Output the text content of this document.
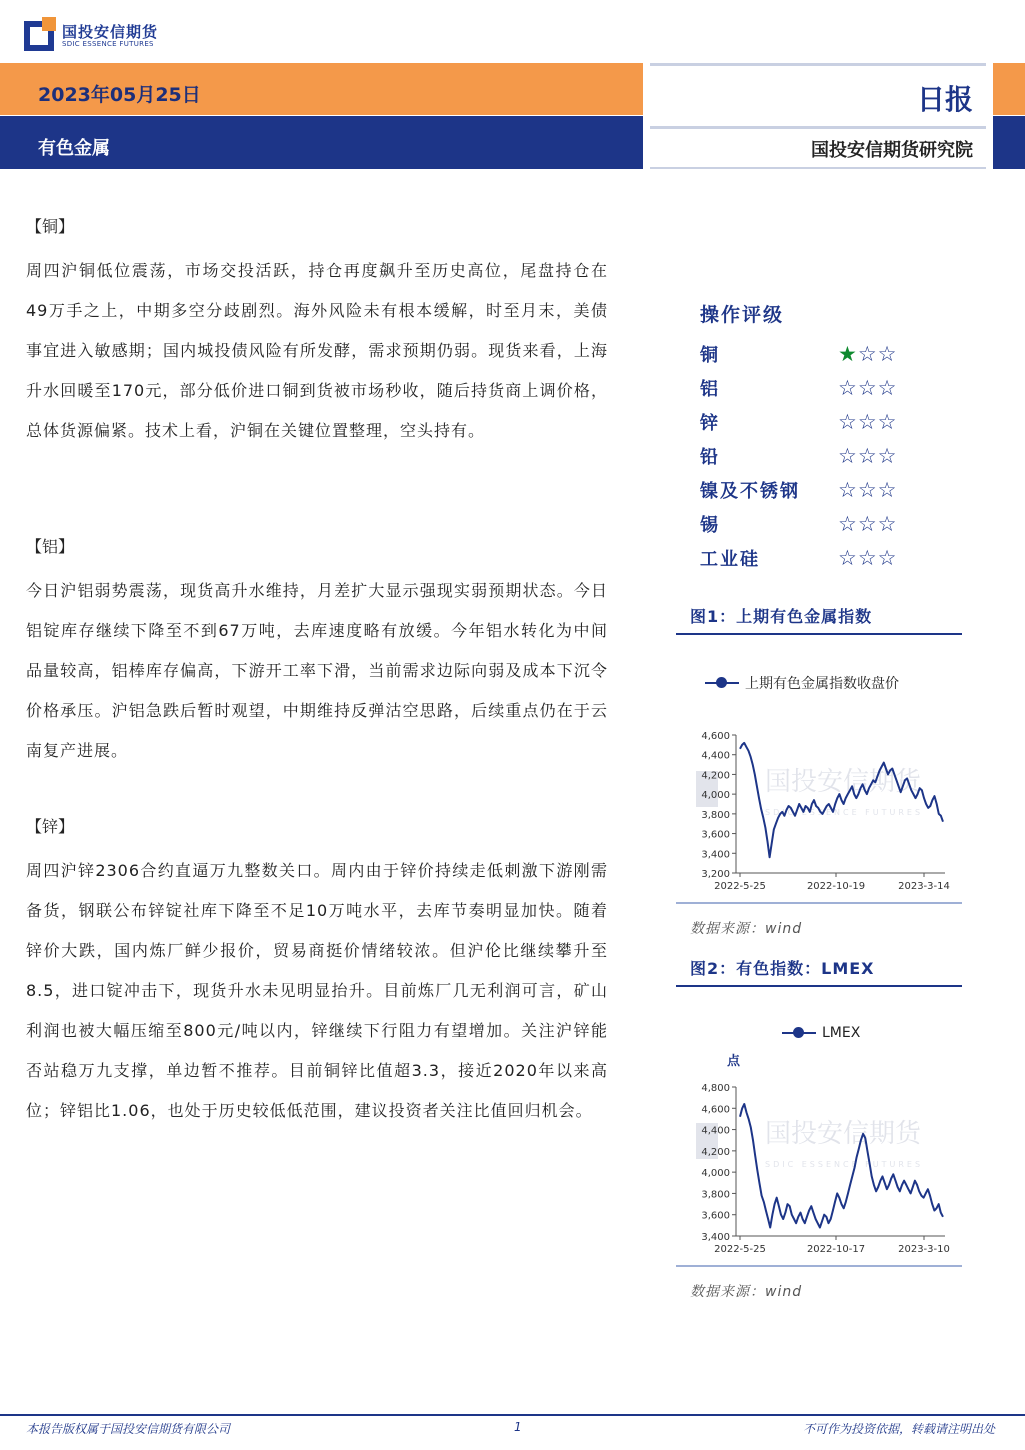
国投安信期货
SDIC ESSENCE FUTURES
2023年05月25日
有色金属
日报
国投安信期货研究院
【铜】
周四沪铜低位震荡，市场交投活跃，持仓再度飙升至历史高位，尾盘持仓在49万手之上，中期多空分歧剧烈。海外风险未有根本缓解，时至月末，美债事宜进入敏感期；国内城投债风险有所发酵，需求预期仍弱。现货来看，上海升水回暖至170元，部分低价进口铜到货被市场秒收，随后持货商上调价格，总体货源偏紧。技术上看，沪铜在关键位置整理，空头持有。
【铝】
今日沪铝弱势震荡，现货高升水维持，月差扩大显示强现实弱预期状态。今日铝锭库存继续下降至不到67万吨，去库速度略有放缓。今年铝水转化为中间品量较高，铝棒库存偏高，下游开工率下滑，当前需求边际向弱及成本下沉令价格承压。沪铝急跌后暂时观望，中期维持反弹沽空思路，后续重点仍在于云南复产进展。
【锌】
周四沪锌2306合约直逼万九整数关口。周内由于锌价持续走低刺激下游刚需备货，钢联公布锌锭社库下降至不足10万吨水平，去库节奏明显加快。随着锌价大跌，国内炼厂鲜少报价，贸易商挺价情绪较浓。但沪伦比继续攀升至8.5，进口锭冲击下，现货升水未见明显抬升。目前炼厂几无利润可言，矿山利润也被大幅压缩至800元/吨以内，锌继续下行阻力有望增加。关注沪锌能否站稳万九支撑，单边暂不推荐。目前铜锌比值超3.3，接近2020年以来高位；锌铝比1.06，也处于历史较低低范围，建议投资者关注比值回归机会。
操作评级
铜	★ ☆ ☆
铝	☆ ☆ ☆
锌	☆ ☆ ☆
铅	☆ ☆ ☆
镍及不锈钢	☆ ☆ ☆
锡	☆ ☆ ☆
工业硅	☆ ☆ ☆
图1：上期有色金属指数
上期有色金属指数收盘价
国投安信期货
SDIC ESSENCE FUTURES
3,200
3,400
3,600
3,800
4,000
4,200
4,400
4,600
2022-5-25	2022-10-19	2023-3-14
数据来源：wind
图2：有色指数：LMEX
LMEX
点
国投安信期货
SDIC ESSENCE FUTURES
3,400
3,600
3,800
4,000
4,200
4,400
4,600
4,800
2022-5-25	2022-10-17	2023-3-10
数据来源：wind
本报告版权属于国投安信期货有限公司	1	不可作为投资依据，转载请注明出处
